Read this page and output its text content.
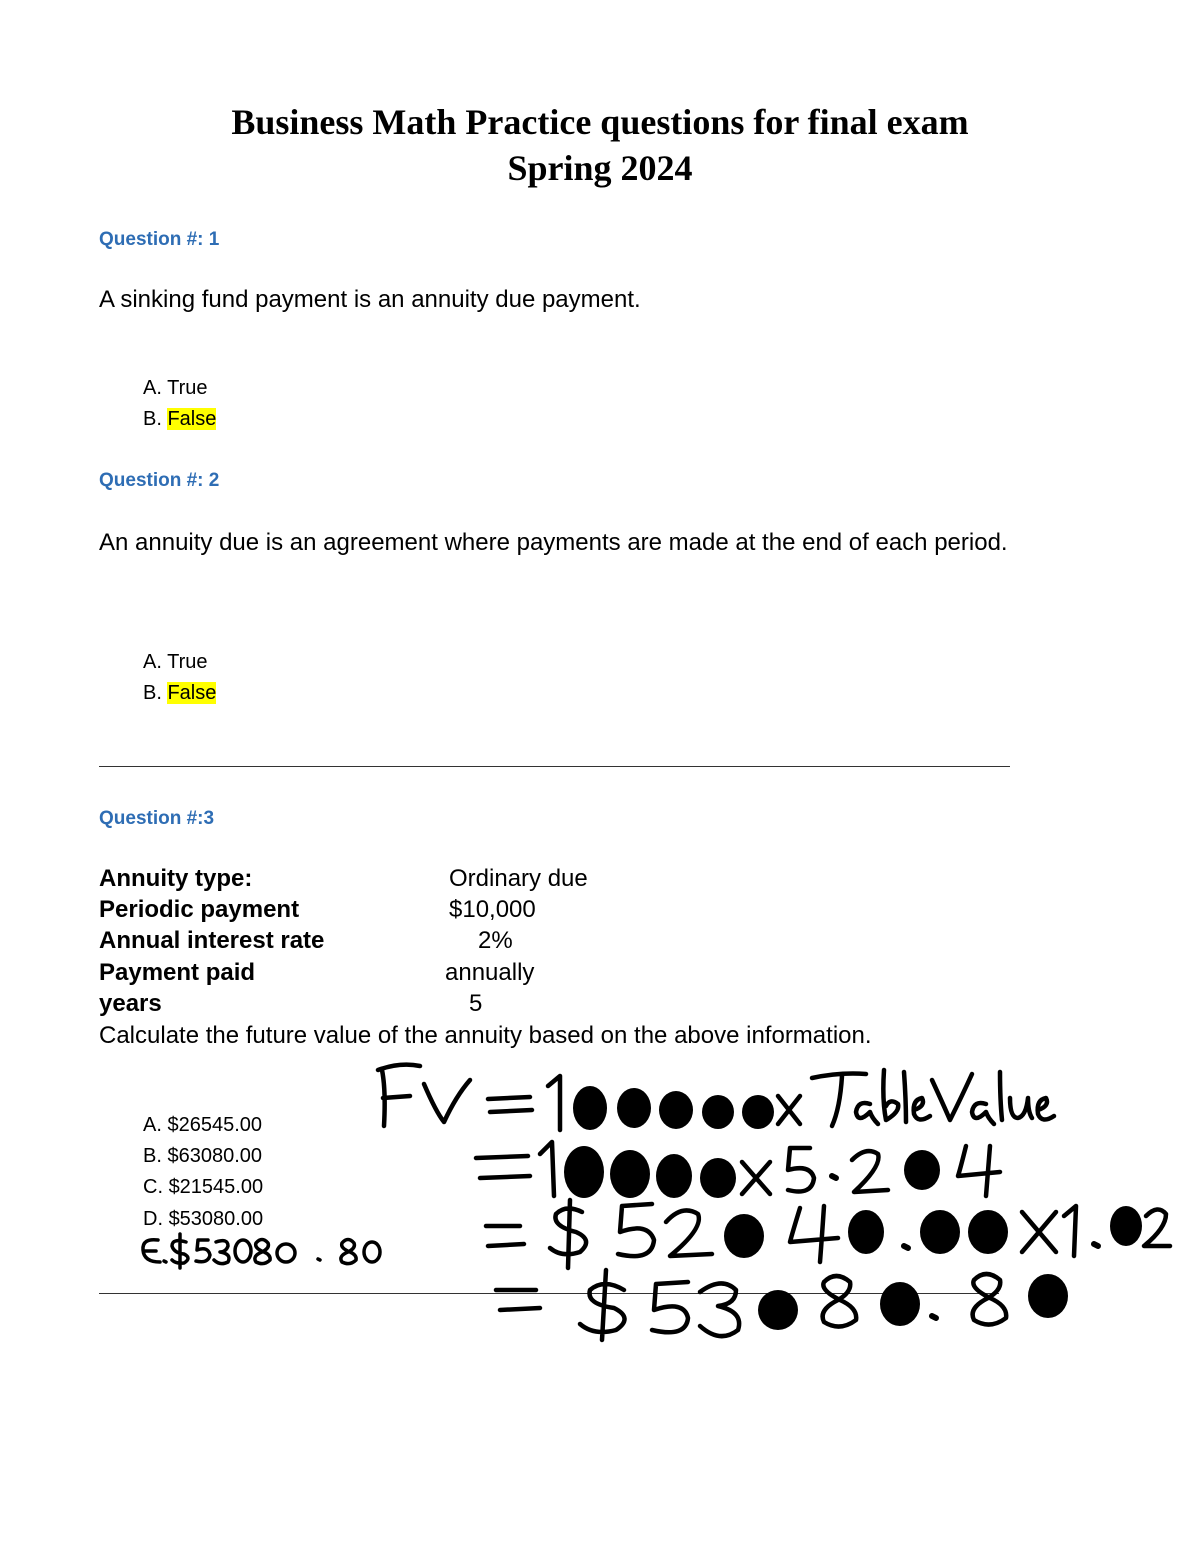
Business Math Practice questions for final exam
Spring 2024
Question #: 1
A sinking fund payment is an annuity due payment.
A. True
B. False
Question #: 2
An annuity due is an agreement where payments are made at the end of each period.
A. True
B. False
Question #:3
Annuity type:	Ordinary due
Periodic payment	$10,000
Annual interest rate	2%
Payment paid	annually
years	5
Calculate the future value of the annuity based on the above information.
A. $26545.00
B. $63080.00
C. $21545.00
D. $53080.00
